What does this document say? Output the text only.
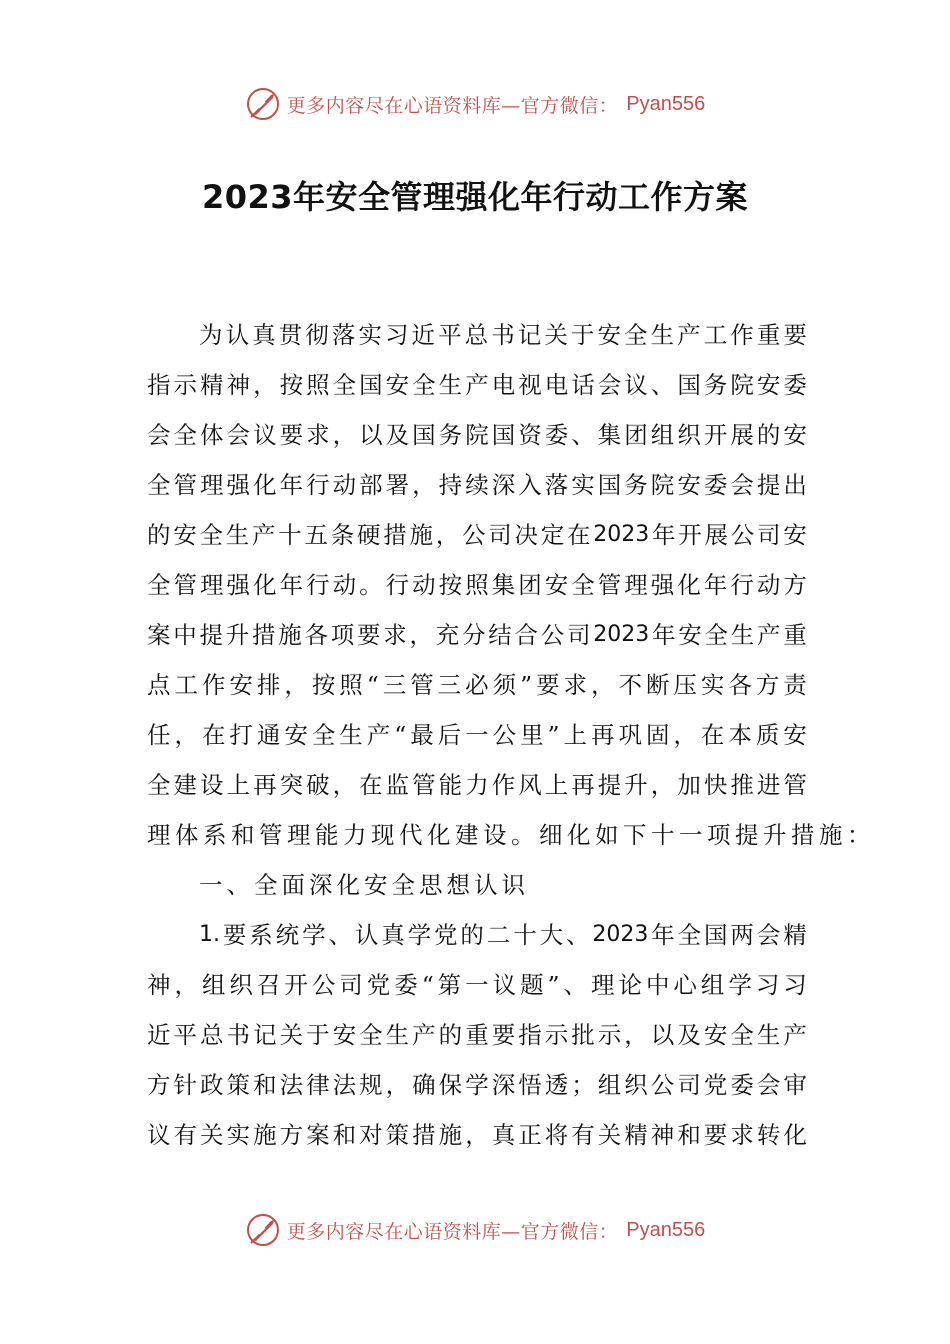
更多内容尽在心语资料库—官方微信： Pyan556
2023年安全管理强化年行动工作方案
为 认 真 贯 彻 落 实 习 近 平 总 书 记 关 于 安 全 生 产 工 作 重 要
指 示 精 神 ， 按 照 全 国 安 全 生 产 电 视 电 话 会 议 、 国 务 院 安 委
会 全 体 会 议 要 求 ， 以 及 国 务 院 国 资 委 、 集 团 组 织 开 展 的 安
全 管 理 强 化 年 行 动 部 署 ， 持 续 深 入 落 实 国 务 院 安 委 会 提 出
的 安 全 生 产 十 五 条 硬 措 施 ， 公 司 决 定 在 2023 年 开 展 公 司 安
全 管 理 强 化 年 行 动 。 行 动 按 照 集 团 安 全 管 理 强 化 年 行 动 方
案 中 提 升 措 施 各 项 要 求 ， 充 分 结 合 公 司 2023 年 安 全 生 产 重
点 工 作 安 排 ， 按 照 “ 三 管 三 必 须 ” 要 求 ， 不 断 压 实 各 方 责
任 ， 在 打 通 安 全 生 产 “ 最 后 一 公 里 ” 上 再 巩 固 ， 在 本 质 安
全 建 设 上 再 突 破 ， 在 监 管 能 力 作 风 上 再 提 升 ， 加 快 推 进 管
理体系和管理能力现代化建设。细化如下十一项提升措施：
一、全面深化安全思想认识
1. 要 系 统 学 、 认 真 学 党 的 二 十 大 、 2023 年 全 国 两 会 精
神 ， 组 织 召 开 公 司 党 委 “ 第 一 议 题 ” 、 理 论 中 心 组 学 习 习
近 平 总 书 记 关 于 安 全 生 产 的 重 要 指 示 批 示 ， 以 及 安 全 生 产
方 针 政 策 和 法 律 法 规 ， 确 保 学 深 悟 透 ； 组 织 公 司 党 委 会 审
议 有 关 实 施 方 案 和 对 策 措 施 ， 真 正 将 有 关 精 神 和 要 求 转 化
更多内容尽在心语资料库—官方微信： Pyan556
